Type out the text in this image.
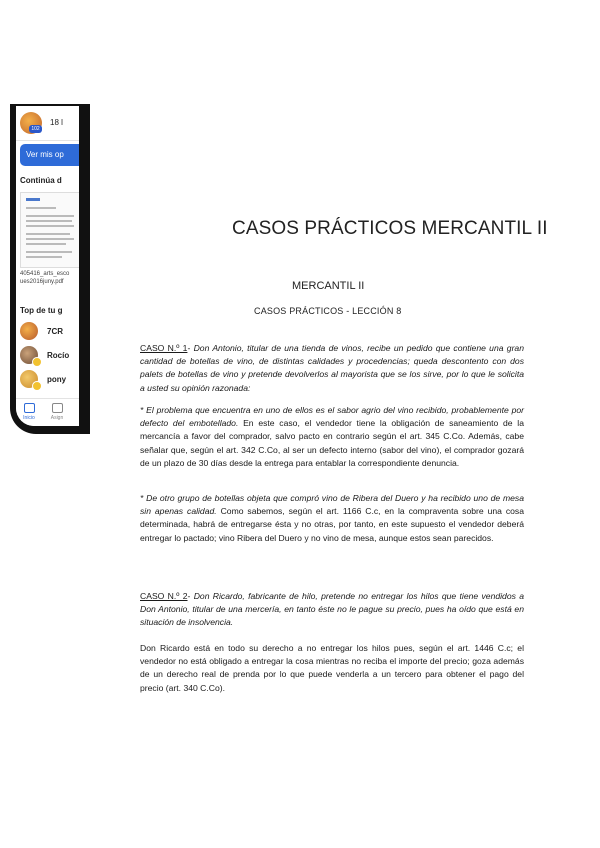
102
18 l
Ver mis op
Continúa d
405416_arts_esco
ues2016juny.pdf
Top de tu g
7CR
Rocío
pony
Inicio	Asign
CASOS PRÁCTICOS MERCANTIL II
MERCANTIL II
CASOS PRÁCTICOS - LECCIÓN 8

CASO N.º 1- Don Antonio, titular de una tienda de vinos, recibe un pedido que contiene una gran cantidad de botellas de vino, de distintas calidades y procedencias; queda descontento con dos palets de botellas de vino y pretende devolverlos al mayorista que se los sirve, por lo que le solicita a usted su opinión razonada:

* El problema que encuentra en uno de ellos es el sabor agrio del vino recibido, probablemente por defecto del embotellado. En este caso, el vendedor tiene la obligación de saneamiento de la mercancía a favor del comprador, salvo pacto en contrario según el art. 345 C.Co. Además, cabe señalar que, según el art. 342 C.Co, al ser un defecto interno (sabor del vino), el comprador gozará de un plazo de 30 días desde la entrega para entablar la correspondiente denuncia.

* De otro grupo de botellas objeta que compró vino de Ribera del Duero y ha recibido uno de mesa sin apenas calidad. Como sabemos, según el art. 1166 C.c, en la compraventa sobre una cosa determinada, habrá de entregarse ésta y no otras, por tanto, en este supuesto el vendedor deberá entregar lo pactado; vino Ribera del Duero y no vino de mesa, aunque estos sean parecidos.

CASO N.º 2- Don Ricardo, fabricante de hilo, pretende no entregar los hilos que tiene vendidos a Don Antonio, titular de una mercería, en tanto éste no le pague su precio, pues ha oído que está en situación de insolvencia.

Don Ricardo está en todo su derecho a no entregar los hilos pues, según el art. 1446 C.c; el vendedor no está obligado a entregar la cosa mientras no reciba el importe del precio; goza además de un derecho real de prenda por lo que puede venderla a un tercero para obtener el pago del precio (art. 340 C.Co).
